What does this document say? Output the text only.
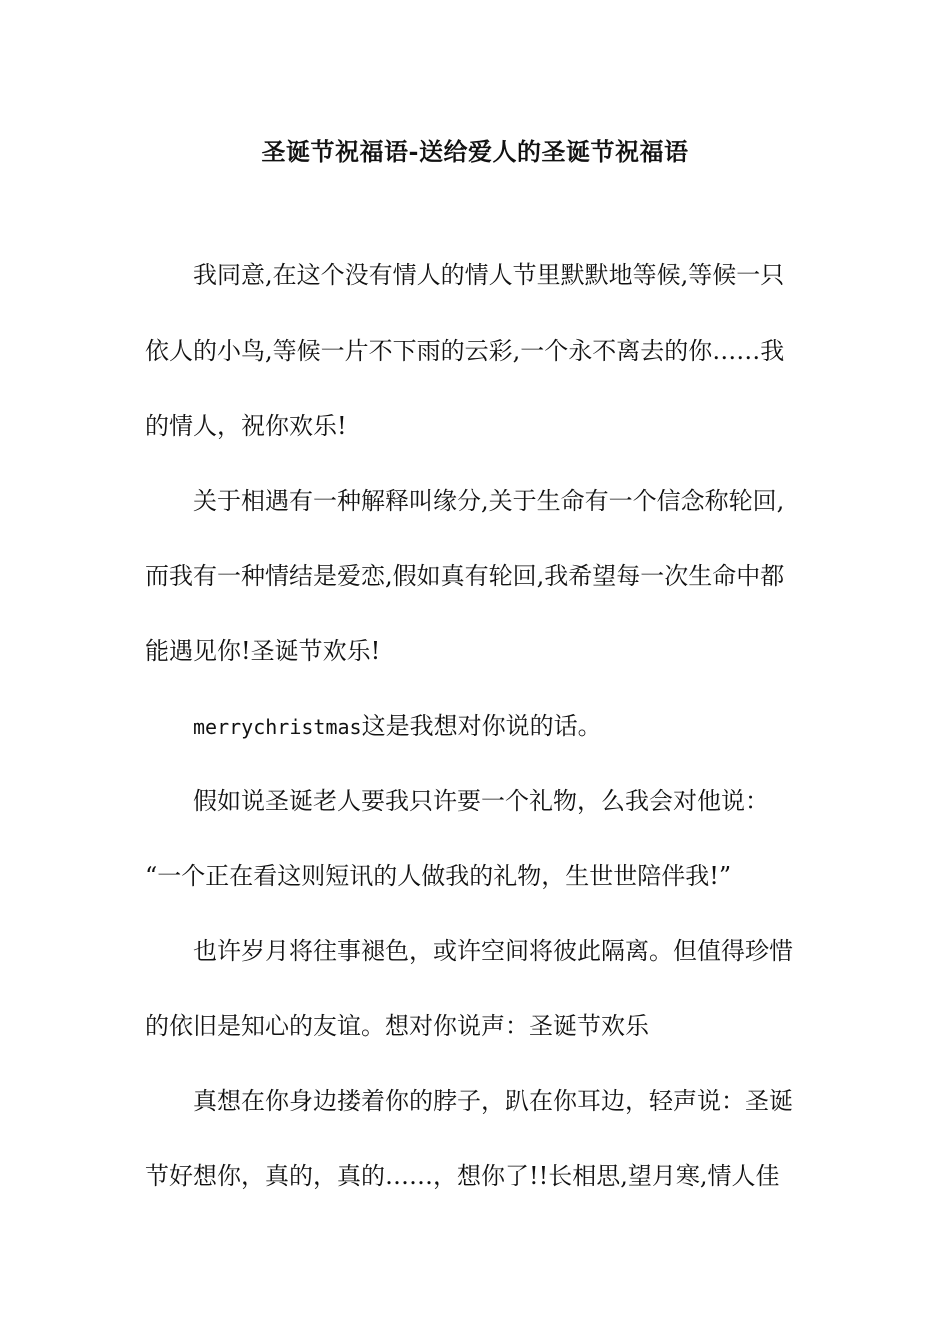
圣诞节祝福语-送给爱人的圣诞节祝福语

我同意,在这个没有情人的情人节里默默地等候,等候一只

依人的小鸟,等候一片不下雨的云彩,一个永不离去的你……我

的情人，祝你欢乐!

关于相遇有一种解释叫缘分,关于生命有一个信念称轮回,

而我有一种情结是爱恋,假如真有轮回,我希望每一次生命中都

能遇见你!圣诞节欢乐!

merrychristmas这是我想对你说的话。

假如说圣诞老人要我只许要一个礼物，么我会对他说：

“一个正在看这则短讯的人做我的礼物，生世世陪伴我!”

也许岁月将往事褪色，或许空间将彼此隔离。但值得珍惜

的依旧是知心的友谊。想对你说声：圣诞节欢乐

真想在你身边搂着你的脖子，趴在你耳边，轻声说：圣诞

节好想你，真的，真的……，想你了!!长相思,望月寒,情人佳
